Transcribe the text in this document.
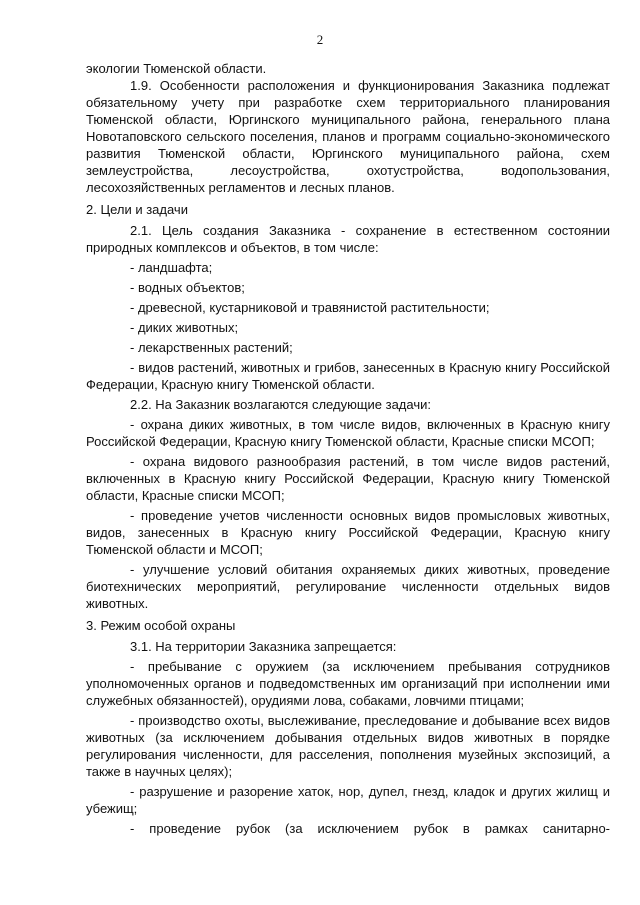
2

экологии Тюменской области.

1.9. Особенности расположения и функционирования Заказника подлежат обязательному учету при разработке схем территориального планирования Тюменской области, Юргинского муниципального района, генерального плана Новотаповского сельского поселения, планов и программ социально-экономического развития Тюменской области, Юргинского муниципального района, схем землеустройства, лесоустройства, охотустройства, водопользования, лесохозяйственных регламентов и лесных планов.

2. Цели и задачи

2.1. Цель создания Заказника - сохранение в естественном состоянии природных комплексов и объектов, в том числе:

- ландшафта;

- водных объектов;

- древесной, кустарниковой и травянистой растительности;

- диких животных;

- лекарственных растений;

- видов растений, животных и грибов, занесенных в Красную книгу Российской Федерации, Красную книгу Тюменской области.

2.2. На Заказник возлагаются следующие задачи:

- охрана диких животных, в том числе видов, включенных в Красную книгу Российской Федерации, Красную книгу Тюменской области, Красные списки МСОП;

- охрана видового разнообразия растений, в том числе видов растений, включенных в Красную книгу Российской Федерации, Красную книгу Тюменской области, Красные списки МСОП;

- проведение учетов численности основных видов промысловых животных, видов, занесенных в Красную книгу Российской Федерации, Красную книгу Тюменской области и МСОП;

- улучшение условий обитания охраняемых диких животных, проведение биотехнических мероприятий, регулирование численности отдельных видов животных.

3. Режим особой охраны

3.1. На территории Заказника запрещается:

- пребывание с оружием (за исключением пребывания сотрудников уполномоченных органов и подведомственных им организаций при исполнении ими служебных обязанностей), орудиями лова, собаками, ловчими птицами;

- производство охоты, выслеживание, преследование и добывание всех видов животных (за исключением добывания отдельных видов животных в порядке регулирования численности, для расселения, пополнения музейных экспозиций, а также в научных целях);

- разрушение и разорение хаток, нор, дупел, гнезд, кладок и других жилищ и убежищ;

- проведение рубок (за исключением рубок в рамках санитарно-
